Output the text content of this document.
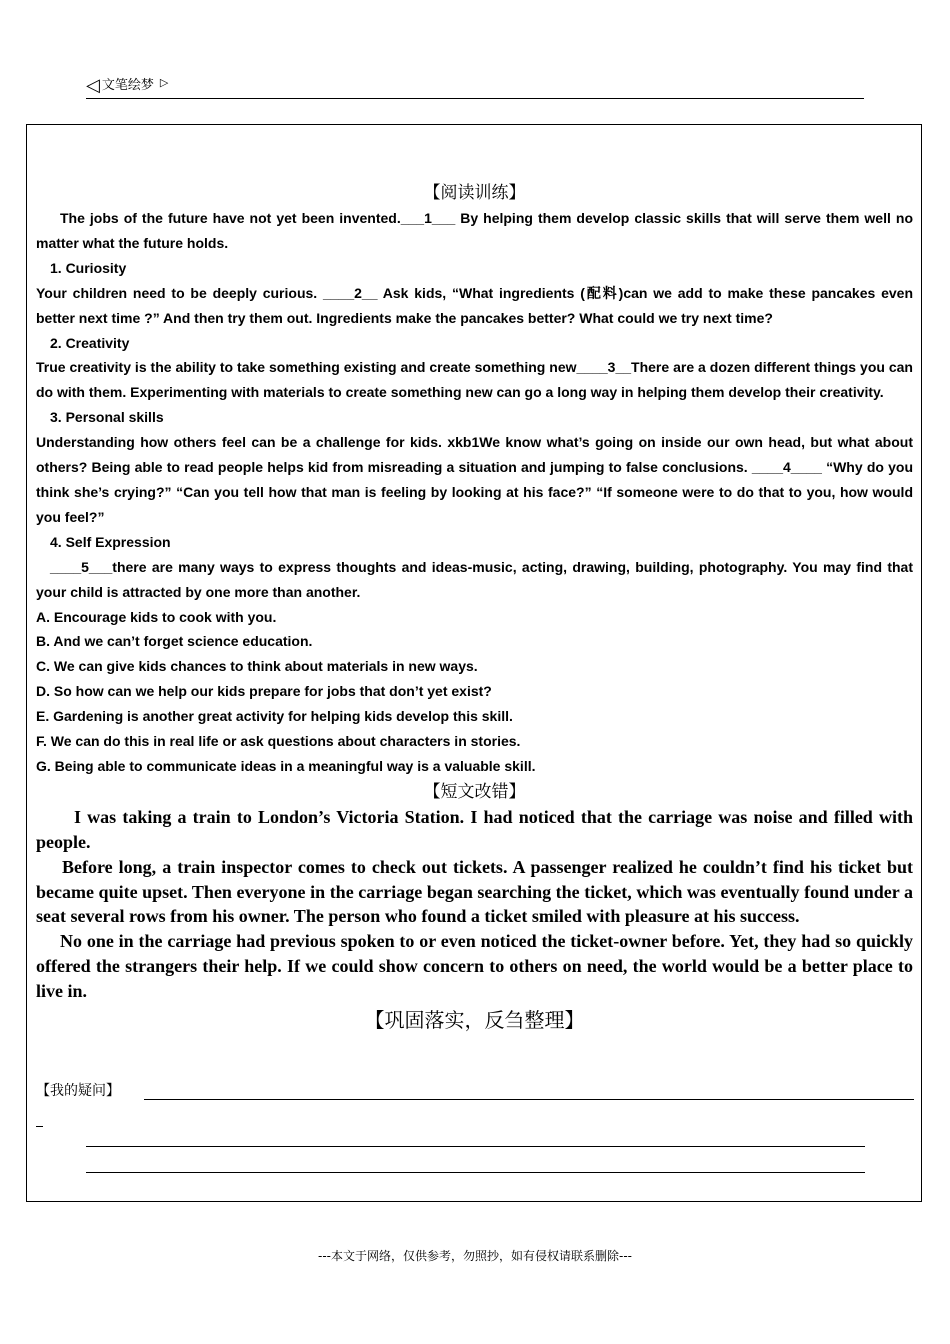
◁ 文笔绘梦 ▷
【阅读训练】

The jobs of the future have not yet been invented.___1___ By helping them develop classic skills that will serve them well no matter what the future holds.

1. Curiosity

Your children need to be deeply curious. ____2__ Ask kids, “What ingredients (配料)can we add to make these pancakes even better next time ?” And then try them out. Ingredients make the pancakes better? What could we try next time?

2. Creativity

True creativity is the ability to take something existing and create something new____3__There are a dozen different things you can do with them. Experimenting with materials to create something new can go a long way in helping them develop their creativity.

3. Personal skills

Understanding how others feel can be a challenge for kids. xkb1We know what’s going on inside our own head, but what about others? Being able to read people helps kid from misreading a situation and jumping to false conclusions. ____4____ “Why do you think she’s crying?” “Can you tell how that man is feeling by looking at his face?” “If someone were to do that to you, how would you feel?”

4. Self Expression

____5___there are many ways to express thoughts and ideas-music, acting, drawing, building, photography. You may find that your child is attracted by one more than another.

A. Encourage kids to cook with you.

B. And we can’t forget science education.

C. We can give kids chances to think about materials in new ways.

D. So how can we help our kids prepare for jobs that don’t yet exist?

E. Gardening is another great activity for helping kids develop this skill.

F. We can do this in real life or ask questions about characters in stories.

G. Being able to communicate ideas in a meaningful way is a valuable skill.

【短文改错】

I was taking a train to London’s Victoria Station. I had noticed that the carriage was noise and filled with people.

Before long, a train inspector comes to check out tickets. A passenger realized he couldn’t find his ticket but became quite upset. Then everyone in the carriage began searching the ticket, which was eventually found under a seat several rows from his owner. The person who found a ticket smiled with pleasure at his success.

No one in the carriage had previous spoken to or even noticed the ticket-owner before. Yet, they had so quickly offered the strangers their help. If we could show concern to others on need, the world would be a better place to live in.

【巩固落实，反刍整理】
【我的疑问】
---本文于网络，仅供参考，勿照抄，如有侵权请联系删除---
